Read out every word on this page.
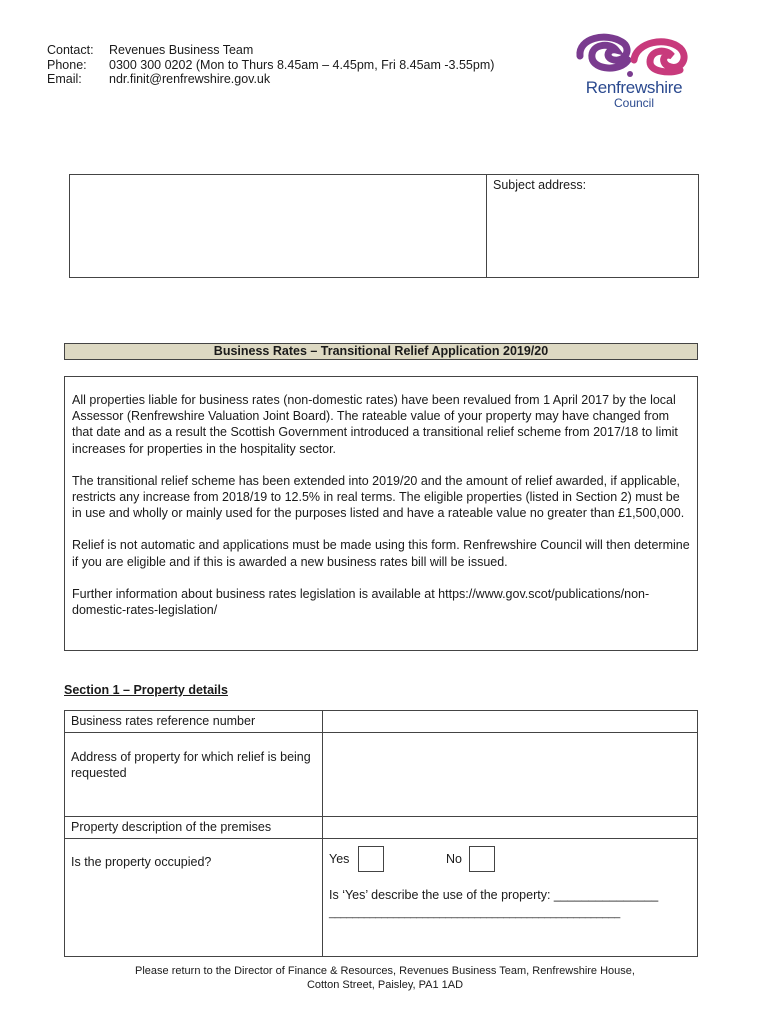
Contact:	Revenues Business Team
Phone:	0300 300 0202 (Mon to Thurs 8.45am – 4.45pm, Fri 8.45am -3.55pm)
Email:	ndr.finit@renfrewshire.gov.uk	Renfrewshire
Council
Subject address:
Business Rates – Transitional Relief Application 2019/20

All properties liable for business rates (non-domestic rates) have been revalued from 1 April 2017 by the local Assessor (Renfrewshire Valuation Joint Board). The rateable value of your property may have changed from that date and as a result the Scottish Government introduced a transitional relief scheme from 2017/18 to limit increases for properties in the hospitality sector.

The transitional relief scheme has been extended into 2019/20 and the amount of relief awarded, if applicable, restricts any increase from 2018/19 to 12.5% in real terms. The eligible properties (listed in Section 2) must be in use and wholly or mainly used for the purposes listed and have a rateable value no greater than £1,500,000.

Relief is not automatic and applications must be made using this form. Renfrewshire Council will then determine if you are eligible and if this is awarded a new business rates bill will be issued.

Further information about business rates legislation is available at https://www.gov.scot/publications/non-domestic-rates-legislation/

Section 1 – Property details
Business rates reference number	
Address of property for which relief is being requested	
Property description of the premises	
Is the property occupied?	Yes No
Is ‘Yes’ describe the use of the property: _______________
__________________________________________________
Please return to the Director of Finance & Resources, Revenues Business Team, Renfrewshire House,
Cotton Street, Paisley, PA1 1AD
